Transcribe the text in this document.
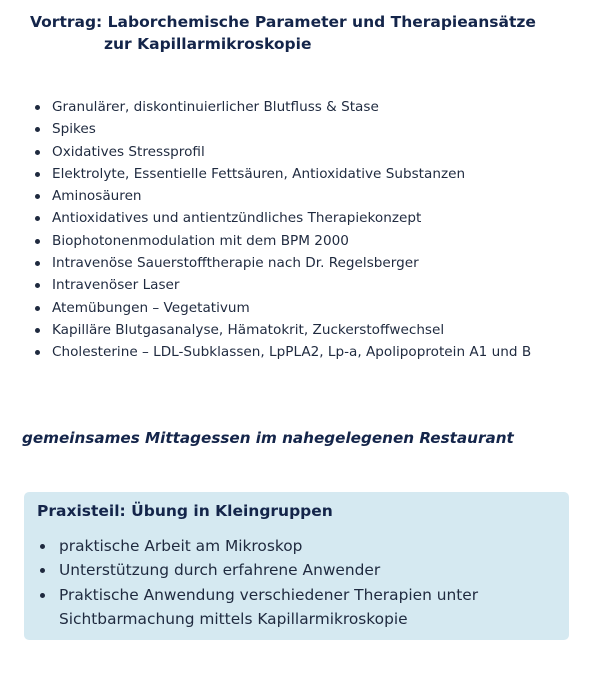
Vortrag: Laborchemische Parameter und Therapieansätze
zur Kapillarmikroskopie
Granulärer, diskontinuierlicher Blutfluss & Stase
Spikes
Oxidatives Stressprofil
Elektrolyte, Essentielle Fettsäuren, Antioxidative Substanzen
Aminosäuren
Antioxidatives und antientzündliches Therapiekonzept
Biophotonenmodulation mit dem BPM 2000
Intravenöse Sauerstofftherapie nach Dr. Regelsberger
Intravenöser Laser
Atemübungen – Vegetativum
Kapilläre Blutgasanalyse, Hämatokrit, Zuckerstoffwechsel
Cholesterine – LDL-Subklassen, LpPLA2, Lp-a, Apolipoprotein A1 und B
gemeinsames Mittagessen im nahegelegenen Restaurant
Praxisteil: Übung in Kleingruppen
praktische Arbeit am Mikroskop
Unterstützung durch erfahrene Anwender
Praktische Anwendung verschiedener Therapien unter Sichtbarmachung mittels Kapillarmikroskopie
